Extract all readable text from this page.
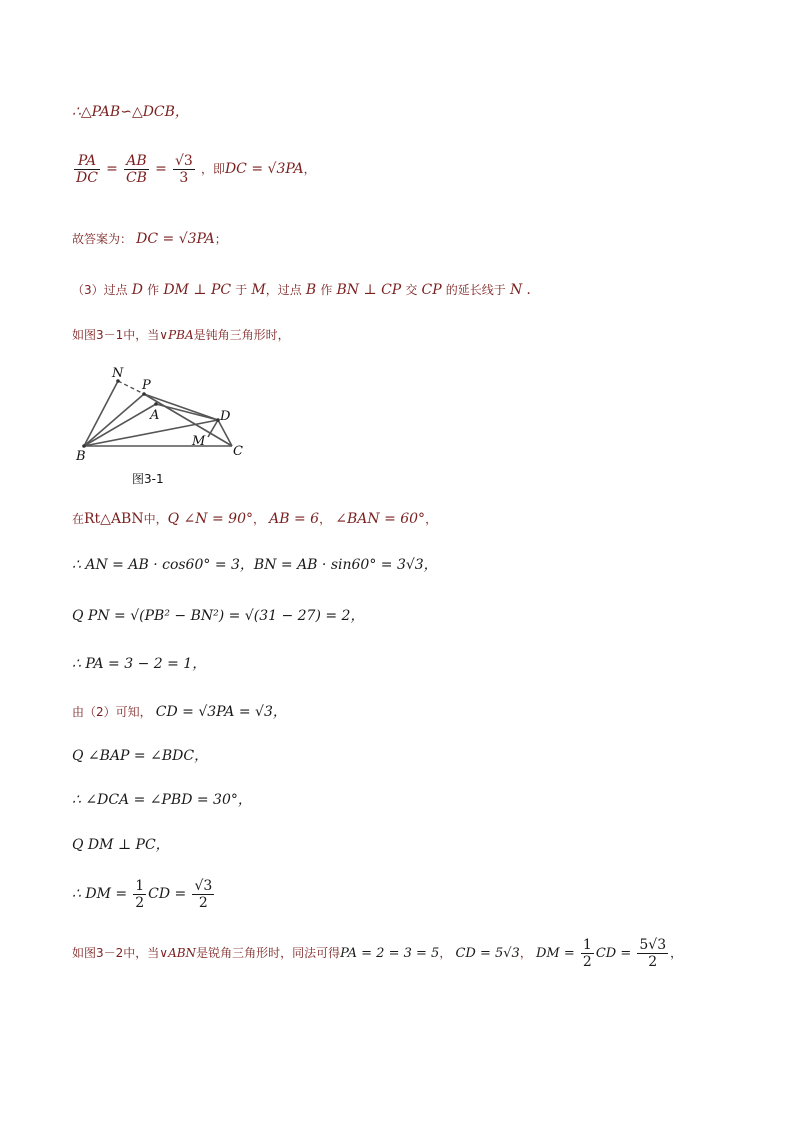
∴△PAB∽△DCB，
$\frac{PA}{DC} = \frac{AB}{CB} = \frac{√3}{3}$ ，即DC = √3PA，
故答案为： DC = √3PA；
（3）过点 D 作 DM ⊥ PC 于 M，过点 B 作 BN ⊥ CP 交 CP 的延长线于 N .
如图3－1中，当∨PBA是钝角三角形时，
N
P
A	D
M
B	C
图3-1
在Rt△ABN中，Q ∠N = 90°， AB = 6， ∠BAN = 60°，
∴ AN = AB · cos60° = 3，BN = AB · sin60° = 3√3，
Q PN = √(PB² − BN²) = √(31 − 27) = 2，
∴ PA = 3 − 2 = 1，
由（2）可知， CD = √3PA = √3，
Q ∠BAP = ∠BDC，
∴ ∠DCA = ∠PBD = 30°，
Q DM ⊥ PC，
∴ DM = $\frac{1}{2}$ CD = $\frac{√3}{2}$
如图3－2中，当∨ABN是锐角三角形时，同法可得PA = 2 = 3 = 5， CD = 5√3， DM = $\frac{1}{2}$ CD = $\frac{5√3}{2}$ ，
